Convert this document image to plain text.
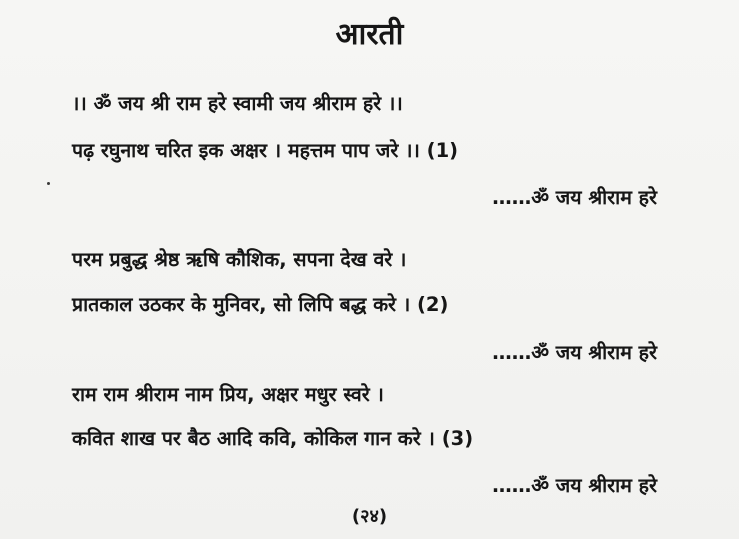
आरती

।। ॐ जय श्री राम हरे स्वामी जय श्रीराम हरे ।।

पढ़ रघुनाथ चरित इक अक्षर । महत्तम पाप जरे ।। (1)

……ॐ जय श्रीराम हरे

परम प्रबुद्ध श्रेष्ठ ऋषि कौशिक, सपना देख वरे ।

प्रातकाल उठकर के मुनिवर, सो लिपि बद्ध करे । (2)

……ॐ जय श्रीराम हरे

राम राम श्रीराम नाम प्रिय, अक्षर मधुर स्वरे ।

कवित शाख पर बैठ आदि कवि, कोकिल गान करे । (3)

……ॐ जय श्रीराम हरे

(२४)
